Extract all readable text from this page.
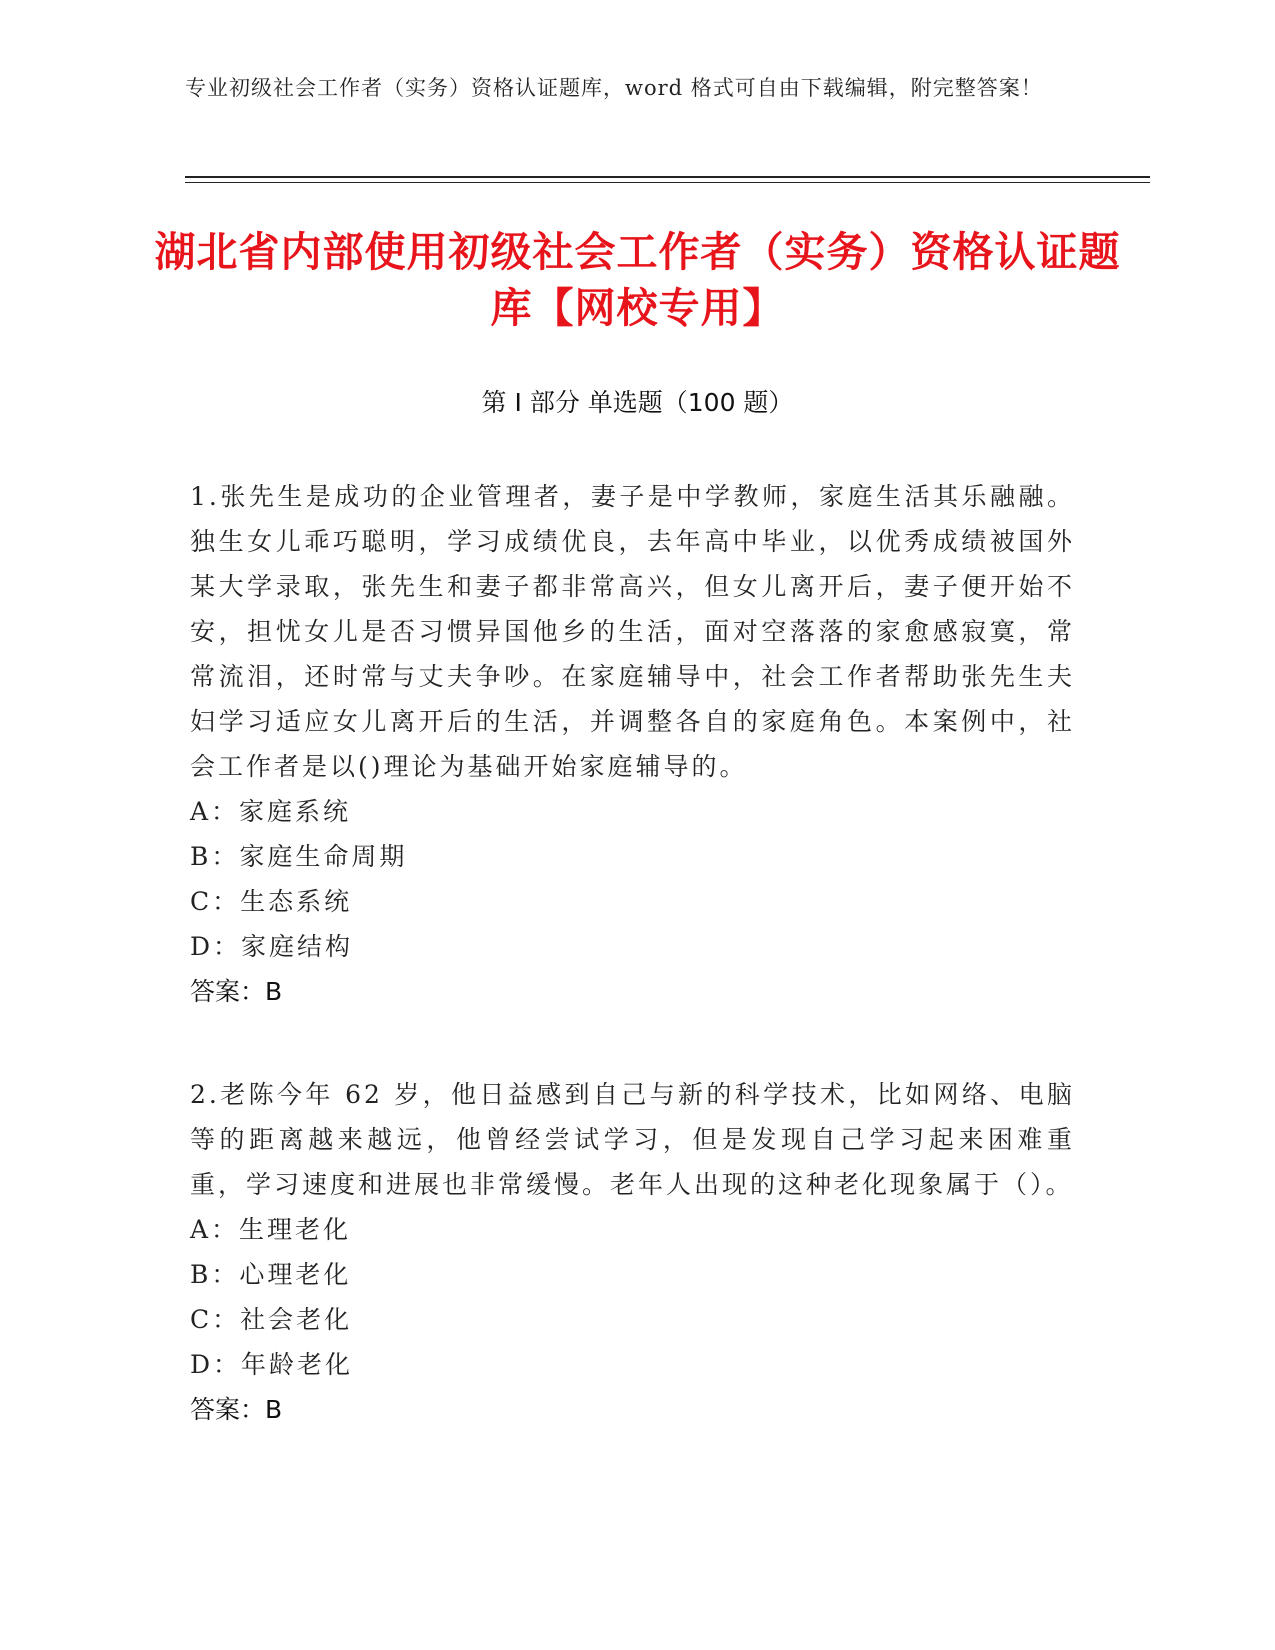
专业初级社会工作者（实务）资格认证题库，word 格式可自由下载编辑，附完整答案！
湖北省内部使用初级社会工作者（实务）资格认证题库【网校专用】
第 I 部分 单选题（100 题）

1.张先生是成功的企业管理者，妻子是中学教师，家庭生活其乐融融。独生女儿乖巧聪明，学习成绩优良，去年高中毕业，以优秀成绩被国外某大学录取，张先生和妻子都非常高兴，但女儿离开后，妻子便开始不安，担忧女儿是否习惯异国他乡的生活，面对空落落的家愈感寂寞，常常流泪，还时常与丈夫争吵。在家庭辅导中，社会工作者帮助张先生夫妇学习适应女儿离开后的生活，并调整各自的家庭角色。本案例中，社会工作者是以()理论为基础开始家庭辅导的。

A：家庭系统

B：家庭生命周期

C：生态系统

D：家庭结构

答案：B

2.老陈今年 62 岁，他日益感到自己与新的科学技术，比如网络、电脑等的距离越来越远，他曾经尝试学习，但是发现自己学习起来困难重重，学习速度和进展也非常缓慢。老年人出现的这种老化现象属于（）。

A：生理老化

B：心理老化

C：社会老化

D：年龄老化

答案：B
